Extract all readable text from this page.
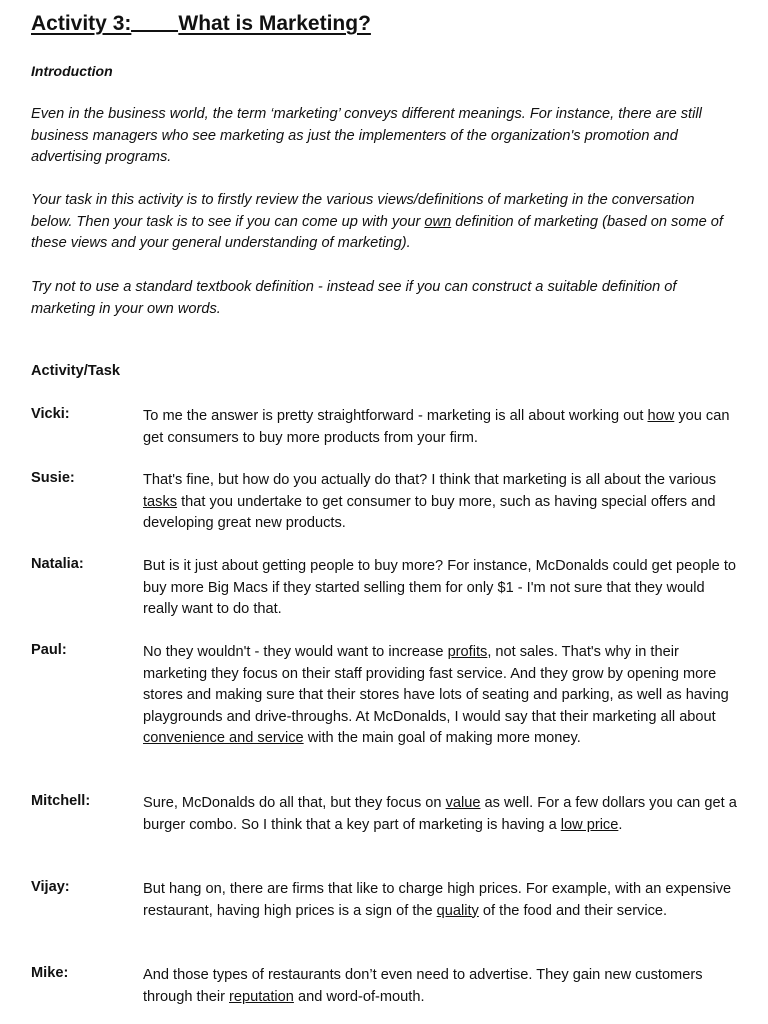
Activity 3: What is Marketing?
Introduction
Even in the business world, the term ‘marketing’ conveys different meanings. For instance, there are still business managers who see marketing as just the implementers of the organization's promotion and advertising programs.
Your task in this activity is to firstly review the various views/definitions of marketing in the conversation below. Then your task is to see if you can come up with your own definition of marketing (based on some of these views and your general understanding of marketing).
Try not to use a standard textbook definition - instead see if you can construct a suitable definition of marketing in your own words.
Activity/Task
Vicki:	To me the answer is pretty straightforward - marketing is all about working out how you can get consumers to buy more products from your firm.
Susie:	That's fine, but how do you actually do that? I think that marketing is all about the various tasks that you undertake to get consumer to buy more, such as having special offers and developing great new products.
Natalia:	But is it just about getting people to buy more? For instance, McDonalds could get people to buy more Big Macs if they started selling them for only $1 - I'm not sure that they would really want to do that.
Paul:	No they wouldn't - they would want to increase profits, not sales. That's why in their marketing they focus on their staff providing fast service. And they grow by opening more stores and making sure that their stores have lots of seating and parking, as well as having playgrounds and drive-throughs. At McDonalds, I would say that their marketing all about convenience and service with the main goal of making more money.
Mitchell:	Sure, McDonalds do all that, but they focus on value as well. For a few dollars you can get a burger combo. So I think that a key part of marketing is having a low price.
Vijay:	But hang on, there are firms that like to charge high prices. For example, with an expensive restaurant, having high prices is a sign of the quality of the food and their service.
Mike:	And those types of restaurants don’t even need to advertise. They gain new customers through their reputation and word-of-mouth.
